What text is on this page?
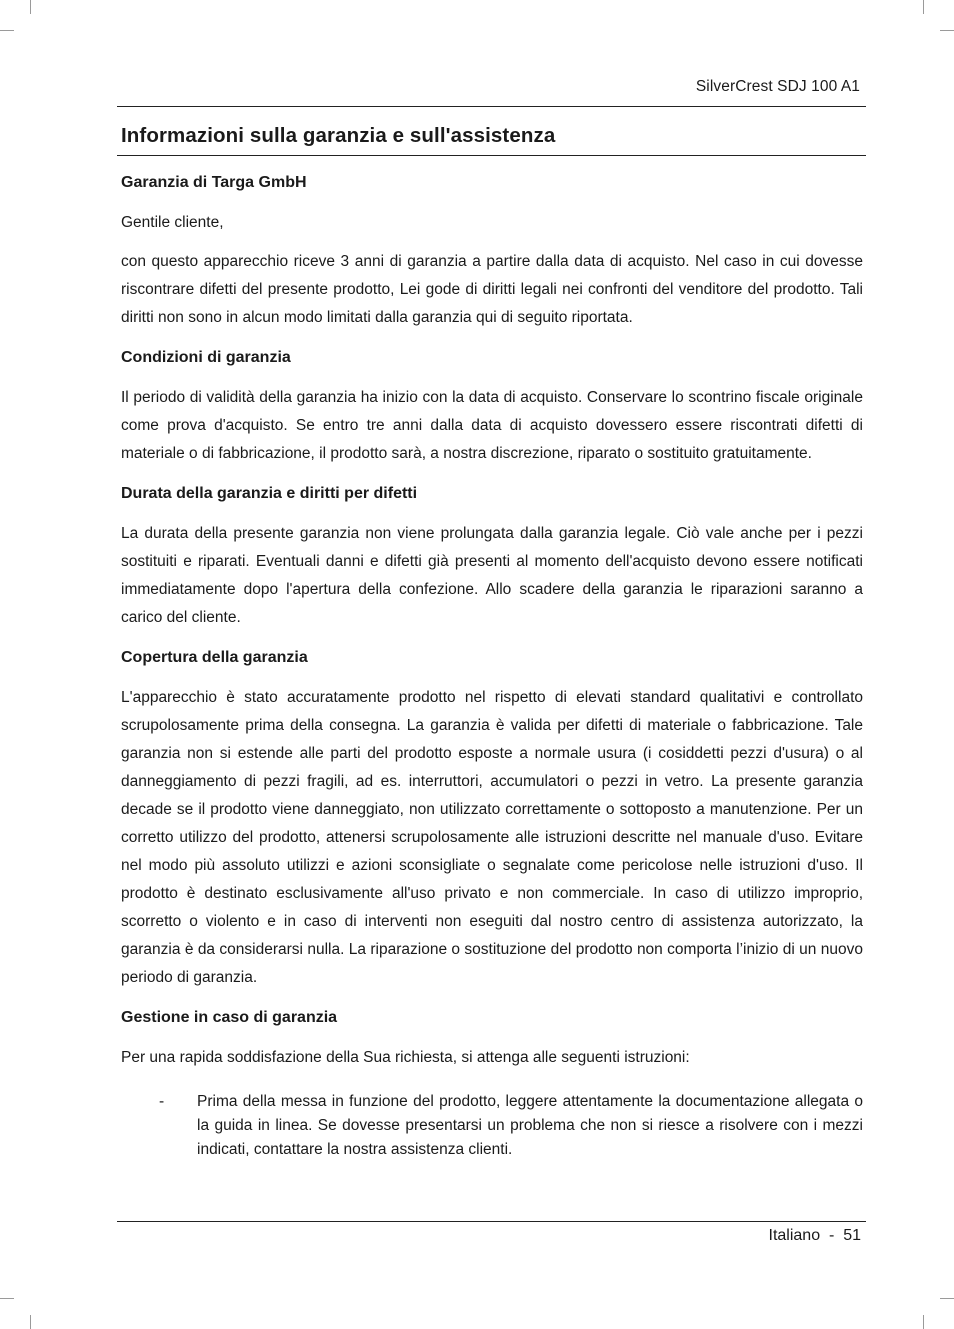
SilverCrest SDJ 100 A1
Informazioni sulla garanzia e sull'assistenza
Garanzia di Targa GmbH

Gentile cliente,

con questo apparecchio riceve 3 anni di garanzia a partire dalla data di acquisto. Nel caso in cui dovesse riscontrare difetti del presente prodotto, Lei gode di diritti legali nei confronti del venditore del prodotto. Tali diritti non sono in alcun modo limitati dalla garanzia qui di seguito riportata.

Condizioni di garanzia

Il periodo di validità della garanzia ha inizio con la data di acquisto. Conservare lo scontrino fiscale originale come prova d'acquisto. Se entro tre anni dalla data di acquisto dovessero essere riscontrati difetti di materiale o di fabbricazione, il prodotto sarà, a nostra discrezione, riparato o sostituito gratuitamente.

Durata della garanzia e diritti per difetti

La durata della presente garanzia non viene prolungata dalla garanzia legale. Ciò vale anche per i pezzi sostituiti e riparati. Eventuali danni e difetti già presenti al momento dell'acquisto devono essere notificati immediatamente dopo l'apertura della confezione. Allo scadere della garanzia le riparazioni saranno a carico del cliente.

Copertura della garanzia

L'apparecchio è stato accuratamente prodotto nel rispetto di elevati standard qualitativi e controllato scrupolosamente prima della consegna. La garanzia è valida per difetti di materiale o fabbricazione. Tale garanzia non si estende alle parti del prodotto esposte a normale usura (i cosiddetti pezzi d'usura) o al danneggiamento di pezzi fragili, ad es. interruttori, accumulatori o pezzi in vetro. La presente garanzia decade se il prodotto viene danneggiato, non utilizzato correttamente o sottoposto a manutenzione. Per un corretto utilizzo del prodotto, attenersi scrupolosamente alle istruzioni descritte nel manuale d'uso. Evitare nel modo più assoluto utilizzi e azioni sconsigliate o segnalate come pericolose nelle istruzioni d'uso. Il prodotto è destinato esclusivamente all'uso privato e non commerciale. In caso di utilizzo improprio, scorretto o violento e in caso di interventi non eseguiti dal nostro centro di assistenza autorizzato, la garanzia è da considerarsi nulla. La riparazione o sostituzione del prodotto non comporta l’inizio di un nuovo periodo di garanzia.

Gestione in caso di garanzia

Per una rapida soddisfazione della Sua richiesta, si attenga alle seguenti istruzioni:

-	Prima della messa in funzione del prodotto, leggere attentamente la documentazione allegata o la guida in linea. Se dovesse presentarsi un problema che non si riesce a risolvere con i mezzi indicati, contattare la nostra assistenza clienti.
Italiano  -  51
